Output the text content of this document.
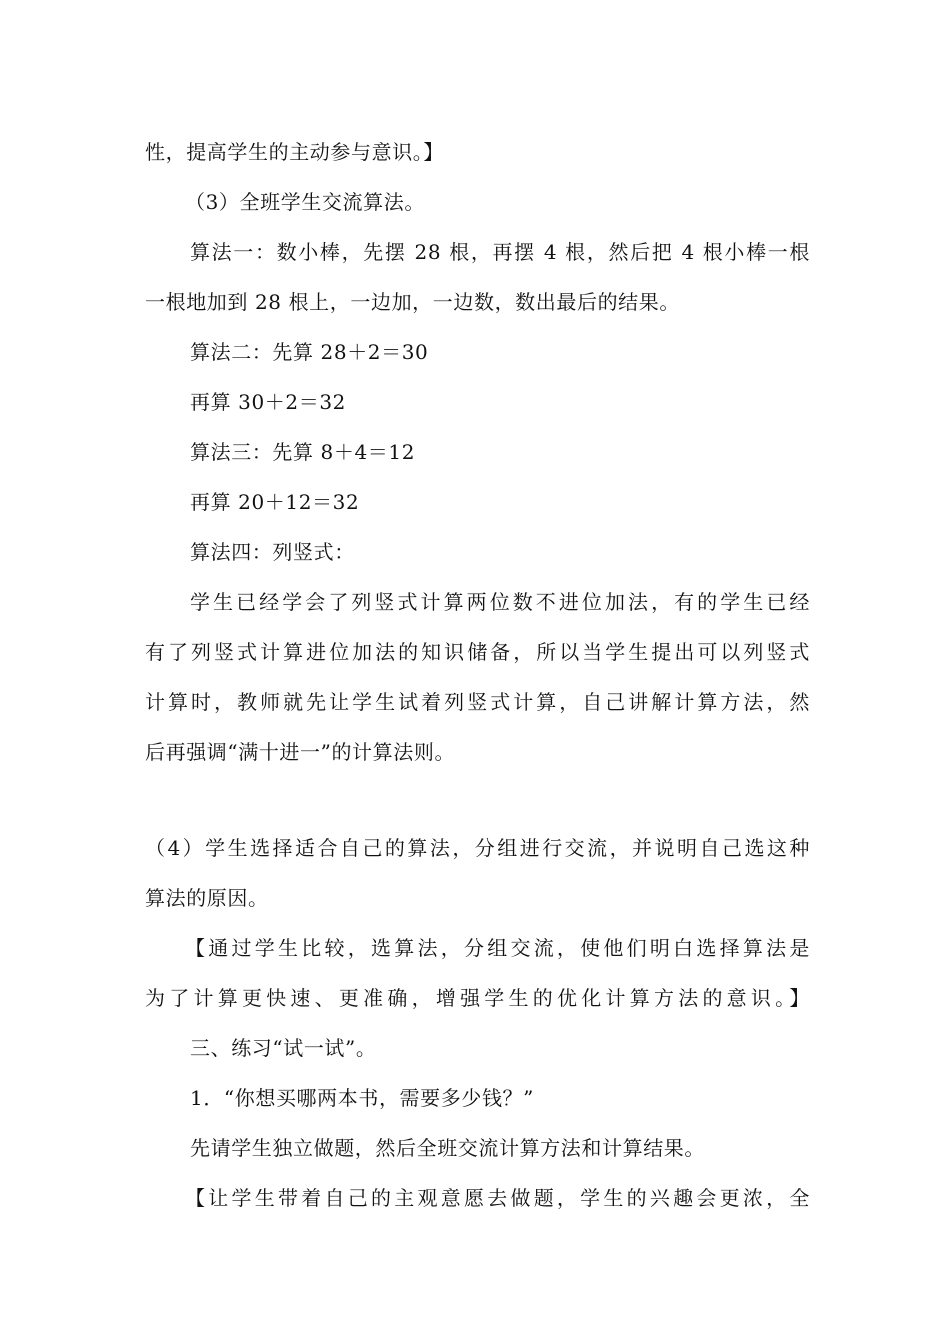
性，提高学生的主动参与意识。】
（3）全班学生交流算法。
算法一：数小棒，先摆 28 根，再摆 4 根，然后把 4 根小棒一根
一根地加到 28 根上，一边加，一边数，数出最后的结果。
算法二：先算 28＋2＝30
再算 30＋2＝32
算法三：先算 8＋4＝12
再算 20＋12＝32
算法四：列竖式：
学生已经学会了列竖式计算两位数不进位加法，有的学生已经
有了列竖式计算进位加法的知识储备，所以当学生提出可以列竖式
计算时，教师就先让学生试着列竖式计算，自己讲解计算方法，然
后再强调“满十进一”的计算法则。
（4）学生选择适合自己的算法，分组进行交流，并说明自己选这种
算法的原因。
【通过学生比较，选算法，分组交流，使他们明白选择算法是
为了计算更快速、更准确，增强学生的优化计算方法的意识。】
三、练习“试一试”。
1．“你想买哪两本书，需要多少钱？”
先请学生独立做题，然后全班交流计算方法和计算结果。
【让学生带着自己的主观意愿去做题，学生的兴趣会更浓，全
